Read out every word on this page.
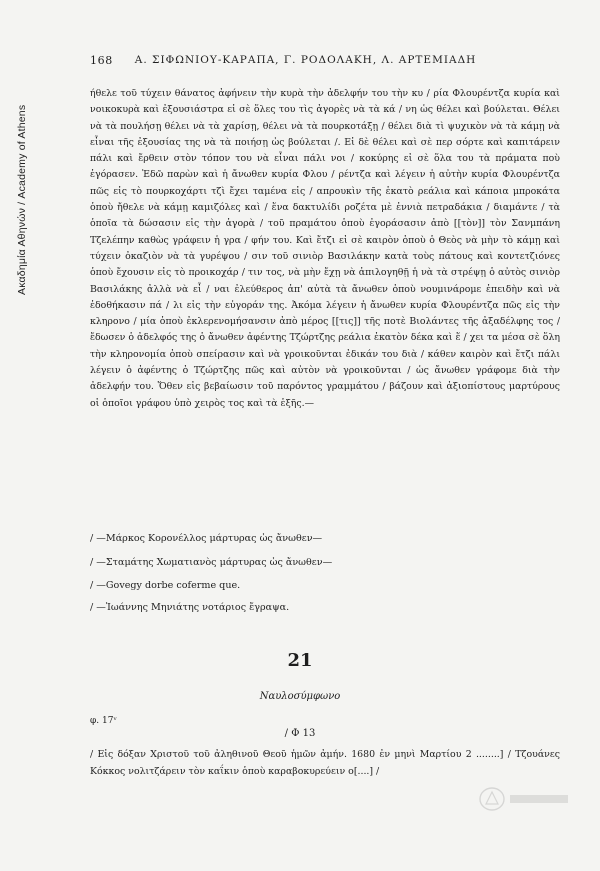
Ακαδημία Αθηνών / Academy of Athens
168 Α. ΣΙΦΩΝΙΟΥ-ΚΑΡΑΠΑ, Γ. ΡΟΔΟΛΑΚΗ, Λ. ΑΡΤΕΜΙΑΔΗ

ήθελε τοῦ τύχειν θάνατος ἀφήνειν τὴν κυρὰ τὴν ἀδελφήν του τὴν κυ / ρία Φλουρέντζα κυρία καὶ νοικοκυρὰ καὶ ἐξουσιάστρα εἰ σὲ ὅλες του τὶς ἀγορὲς νὰ τὰ κά / νη ὡς θέλει καὶ βούλεται. Θέλει νὰ τὰ πουλήσῃ θέλει νὰ τὰ χαρίσῃ, θέλει νὰ τὰ πουρκοτάξῃ / θέλει διὰ τὶ ψυχικὸν νὰ τὰ κάμῃ νὰ εἶναι τῆς ἐξουσίας της νὰ τὰ ποιήσῃ ὡς βούλεται /. Εἰ δὲ θέλει καὶ σὲ περ σόρτε καὶ καπιτάρειν πάλι καὶ ἔρθειν στὸν τόπον του νὰ εἶναι πάλι νοι / κοκύρης εἰ σὲ ὅλα του τὰ πράματα ποὺ ἐγόρασεν. Ἐδῶ παρὼν καὶ ἡ ἄνωθεν κυρία Φλου / ρέντζα καὶ λέγειν ἡ αὐτὴν κυρία Φλουρέντζα πῶς εἰς τὸ πουρκοχάρτι τζὶ ἔχει ταμένα εἰς / απρουκὶν τῆς ἑκατὸ ρεάλια καὶ κάποια μπροκάτα ὁποὺ ἤθελε νὰ κάμῃ καμιζόλες καὶ / ἕνα δακτυλίδι ροζέτα μὲ ἐννιὰ πετραδάκια / διαμάντε / τὰ ὁποῖα τὰ δώσασιν εἰς τὴν ἀγορὰ / τοῦ πραμάτου ὁποὺ ἐγοράσασιν ἀπὸ [[τὸν]] τὸν Σανμπάνη Τζελέπην καθὼς γράφειν ἡ γρα / φήν του. Καὶ ἔτζι εἰ σὲ καιρὸν ὁποὺ ὁ Θεὸς νὰ μὴν τὸ κάμῃ καὶ τύχειν ὀκαζιὸν νὰ τὰ γυρέψου / σιν τοῦ σινιὸρ Βασιλάκην κατὰ τοὺς πάτους καὶ κοντετζιόνες ὁποὺ ἔχουσιν εἰς τὸ προικοχάρ / τιν τος, νὰ μὴν ἔχῃ νὰ ἀπιλογηθῇ ἡ νὰ τὰ στρέψῃ ὁ αὐτὸς σινιὸρ Βασιλάκης ἀλλὰ νὰ εἶ / ναι ἐλεύθερος ἀπ' αὐτὰ τὰ ἄνωθεν ὁποὺ νουμινάρομε ἐπειδὴν καὶ νὰ ἐδοθήκασιν πά / λι εἰς τὴν εὐγοράν της. Ἀκόμα λέγειν ἡ ἄνωθεν κυρία Φλουρέντζα πῶς εἰς τὴν κληρονο / μία ὁποὺ ἐκλερενομήσανσιν ἀπὸ μέρος [[τις]] τῆς ποτὲ Βιολάντες τῆς ἀξαδέλφης τος / ἔδωσεν ὁ ἀδελφός της ὁ ἄνωθεν ἀφέντης Τζώρτζης ρεάλια ἑκατὸν δέκα καὶ ἕ / χει τα μέσα σὲ ὅλη τὴν κληρονομία ὁποὺ σπείρασιν καὶ νὰ γροικοῦνται ἐδικάν του διὰ / κάθεν καιρὸν καὶ ἔτζι πάλι λέγειν ὁ ἀφέντης ὁ Τζώρτζης πῶς καὶ αὐτὸν νὰ γροικοῦνται / ὡς ἄνωθεν γράφομε διὰ τὴν ἀδελφήν του. Ὅθεν εἰς βεβαίωσιν τοῦ παρόντος γραμμάτου / βάζουν καὶ ἀξιοπίστους μαρτύρους οἱ ὁποῖοι γράφου ὑπὸ χειρὸς τος καὶ τὰ ἑξῆς.—

/ —Μάρκος Κορονέλλος μάρτυρας ὡς ἄνωθεν—
/ —Σταμάτης Χωματιανὸς μάρτυρας ὡς ἄνωθεν—
/ —Govegy dorbe coferme que.
/ —Ἰωάννης Μηνιάτης νοτάριος ἔγραψα.
21
Ναυλοσύμφωνο
φ. 17ᵛ
/ Φ 13
/ Εἰς δόξαν Χριστοῦ τοῦ ἀληθινοῦ Θεοῦ ἡμῶν ἀμήν. 1680 ἐν μηνὶ Μαρτίου 2 ........] / Τζουάνες Κόκκος νολιτζάρειν τὸν καΐκιν ὁποὺ καραβοκυρεύειν ο[....] /
